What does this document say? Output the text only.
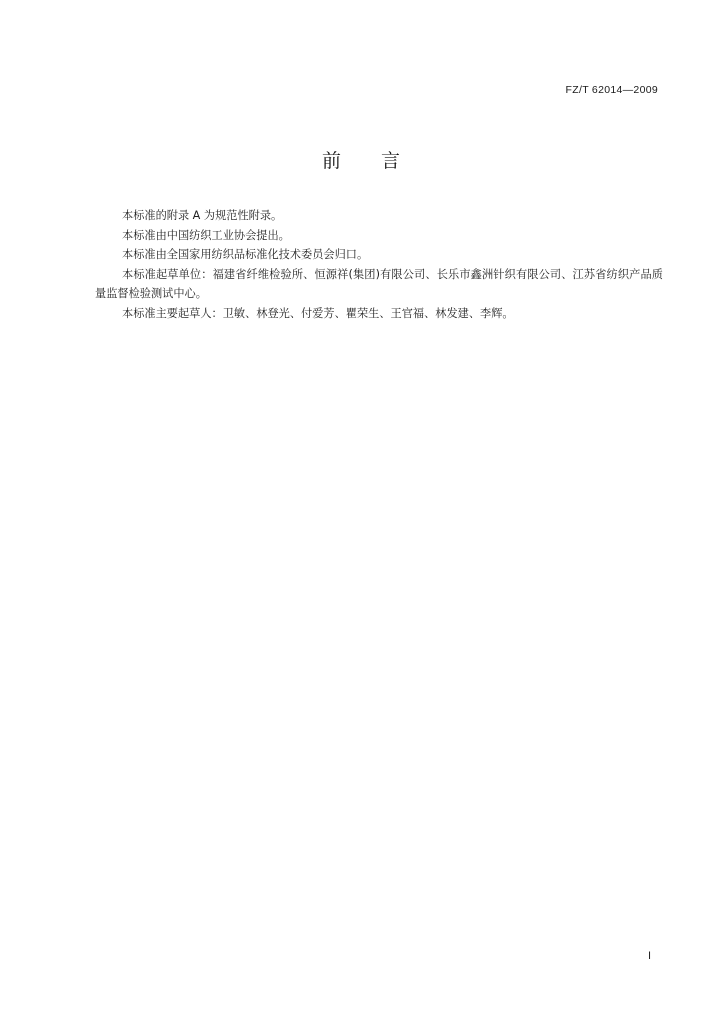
FZ/T 62014—2009
前 言

本标准的附录 A 为规范性附录。

本标准由中国纺织工业协会提出。

本标准由全国家用纺织品标准化技术委员会归口。

本标准起草单位：福建省纤维检验所、恒源祥(集团)有限公司、长乐市鑫洲针织有限公司、江苏省纺织产品质量监督检验测试中心。

本标准主要起草人：卫敏、林登光、付爱芳、瞿荣生、王官福、林发建、李辉。

I
